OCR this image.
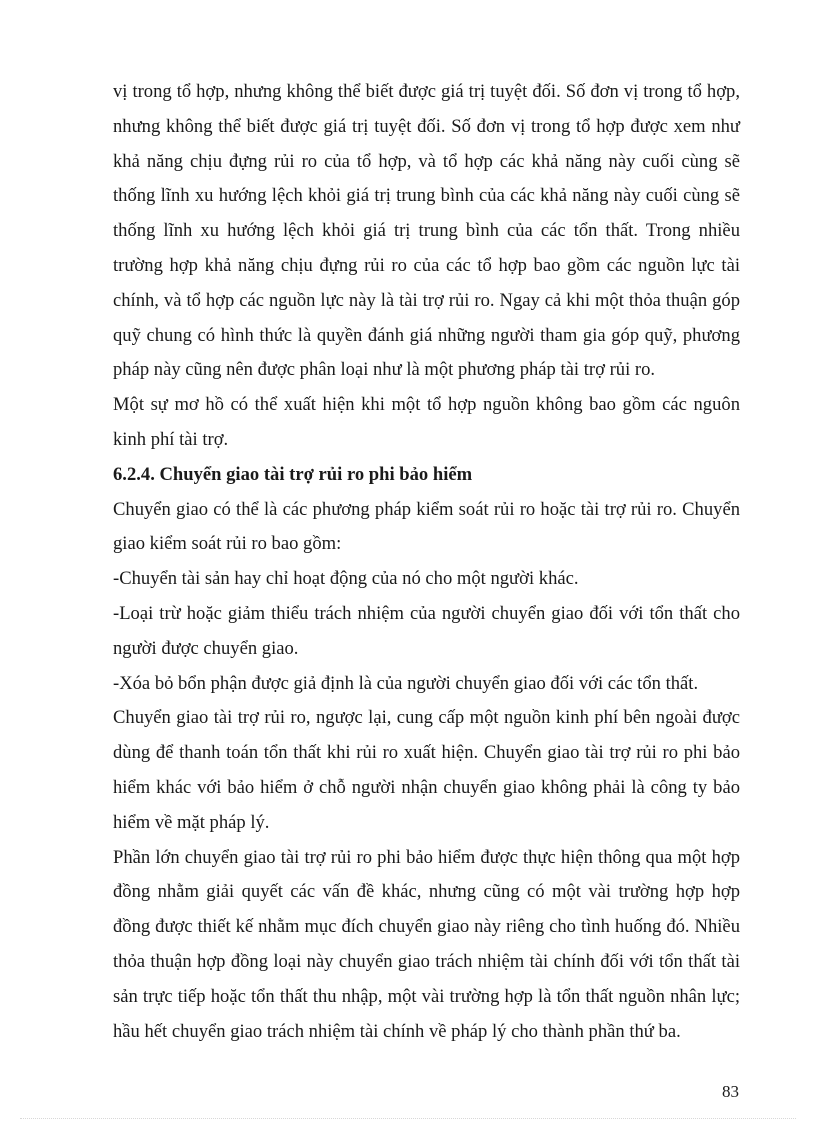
vị trong tổ hợp, nhưng không thể biết được giá trị tuyệt đối. Số đơn vị trong tổ hợp, nhưng không thể biết được giá trị tuyệt đối. Số đơn vị trong tổ hợp được xem như khả năng chịu đựng rủi ro của tổ hợp, và tổ hợp các khả năng này cuối cùng sẽ thống lĩnh xu hướng lệch khỏi giá trị trung bình của các khả năng này cuối cùng sẽ thống lĩnh xu hướng lệch khỏi giá trị trung bình của các tổn thất. Trong nhiều trường hợp khả năng chịu đựng rủi ro của các tổ hợp bao gồm các nguồn lực tài chính, và tổ hợp các nguồn lực này là tài trợ rủi ro. Ngay cả khi một thỏa thuận góp quỹ chung có hình thức là quyền đánh giá những người tham gia góp quỹ, phương pháp này cũng nên được phân loại như là một phương pháp tài trợ rủi ro.

Một sự mơ hồ có thể xuất hiện khi một tổ hợp nguồn không bao gồm các nguôn kinh phí tài trợ.

6.2.4. Chuyển giao tài trợ rủi ro phi bảo hiểm

Chuyển giao có thể là các phương pháp kiểm soát rủi ro hoặc tài trợ rủi ro. Chuyển giao kiểm soát rủi ro bao gồm:

-Chuyển tài sản hay chỉ hoạt động của nó cho một người khác.

-Loại trừ hoặc giảm thiểu trách nhiệm của người chuyển giao đối với tổn thất cho người được chuyển giao.

-Xóa bỏ bổn phận được giả định là của người chuyển giao đối với các tổn thất.

Chuyển giao tài trợ rủi ro, ngược lại, cung cấp một nguồn kinh phí bên ngoài được dùng để thanh toán tổn thất khi rủi ro xuất hiện. Chuyển giao tài trợ rủi ro phi bảo hiểm khác với bảo hiểm ở chỗ người nhận chuyển giao không phải là công ty bảo hiểm về mặt pháp lý.

Phần lớn chuyển giao tài trợ rủi ro phi bảo hiểm được thực hiện thông qua một hợp đồng nhằm giải quyết các vấn đề khác, nhưng cũng có một vài trường hợp hợp đồng được thiết kế nhằm mục đích chuyển giao này riêng cho tình huống đó. Nhiều thỏa thuận hợp đồng loại này chuyển giao trách nhiệm tài chính đối với tổn thất tài sản trực tiếp hoặc tổn thất thu nhập, một vài trường hợp là tổn thất nguồn nhân lực; hầu hết chuyển giao trách nhiệm tài chính về pháp lý cho thành phần thứ ba.

83
